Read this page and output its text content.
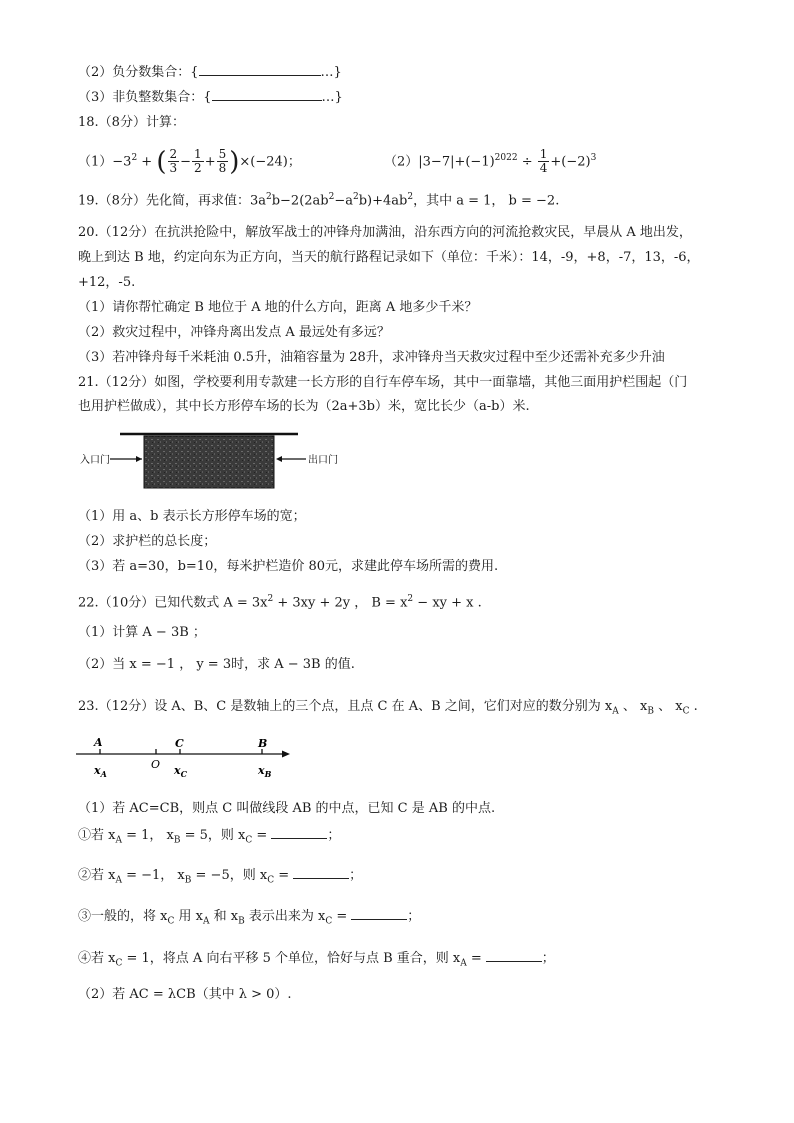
（2）负分数集合：{	…}
（3）非负整数集合：{	…}
18.（8分）计算：
$(1)-3^2$ + ( $\frac{2}{3} - \frac{1}{2} + \frac{5}{8} )\times(-24)$；	$(2)|3-7|+(-1)^{2022} \div \frac{1}{4} +(-2)^3$
19.（8分）先化简，再求值：$3a^2b-2(2ab^2-a^2b)+4ab^2$，其中 a = 1， b = −2.
20.（12分）在抗洪抢险中，解放军战士的冲锋舟加满油，沿东西方向的河流抢救灾民，早晨从 A 地出发，
晚上到达 B 地，约定向东为正方向，当天的航行路程记录如下（单位：千米）：14，-9，+8，-7，13，-6，
+12，-5.
（1）请你帮忙确定 B 地位于 A 地的什么方向，距离 A 地多少千米？
（2）救灾过程中，冲锋舟离出发点 A 最远处有多远？
（3）若冲锋舟每千米耗油 0.5升，油箱容量为 28升，求冲锋舟当天救灾过程中至少还需补充多少升油
21.（12分）如图，学校要利用专款建一长方形的自行车停车场，其中一面靠墙，其他三面用护栏围起（门
也用护栏做成），其中长方形停车场的长为（2a+3b）米，宽比长少（a-b）米.
入口门	出口门
（1）用 a、b 表示长方形停车场的宽；
（2）求护栏的总长度；
（3）若 a=30，b=10，每米护栏造价 80元，求建此停车场所需的费用.
22.（10分）已知代数式 $A = 3x^2 + 3xy + 2y$ ， $B = x^2$ − xy + x .
（1）计算 A − 3B ；
（2）当 x = −1 ， y = 3时，求 A − 3B 的值.
23.（12分）设 A、B、C 是数轴上的三个点，且点 C 在 A、B 之间，它们对应的数分别为 $x_A$ 、 $x_B$ 、 $x_C$ .
A	C	B
O
$x_A$	$x_C$	$x_B$
（1）若 AC=CB，则点 C 叫做线段 AB 的中点，已知 C 是 AB 的中点.
①若 $x_A = 1$， $x_B = 5$，则 $x_C$ =	；
②若 $x_A = -1$， $x_B = -5$，则 $x_C$ =	；
③一般的，将 $x_C$ 用 $x_A$ 和 $x_B$ 表示出来为 $x_C$ =	；
④若 $x_C = 1$，将点 A 向右平移 5 个单位，恰好与点 B 重合，则 $x_A$ =	；
（2）若 AC = λCB（其中 λ > 0）.
